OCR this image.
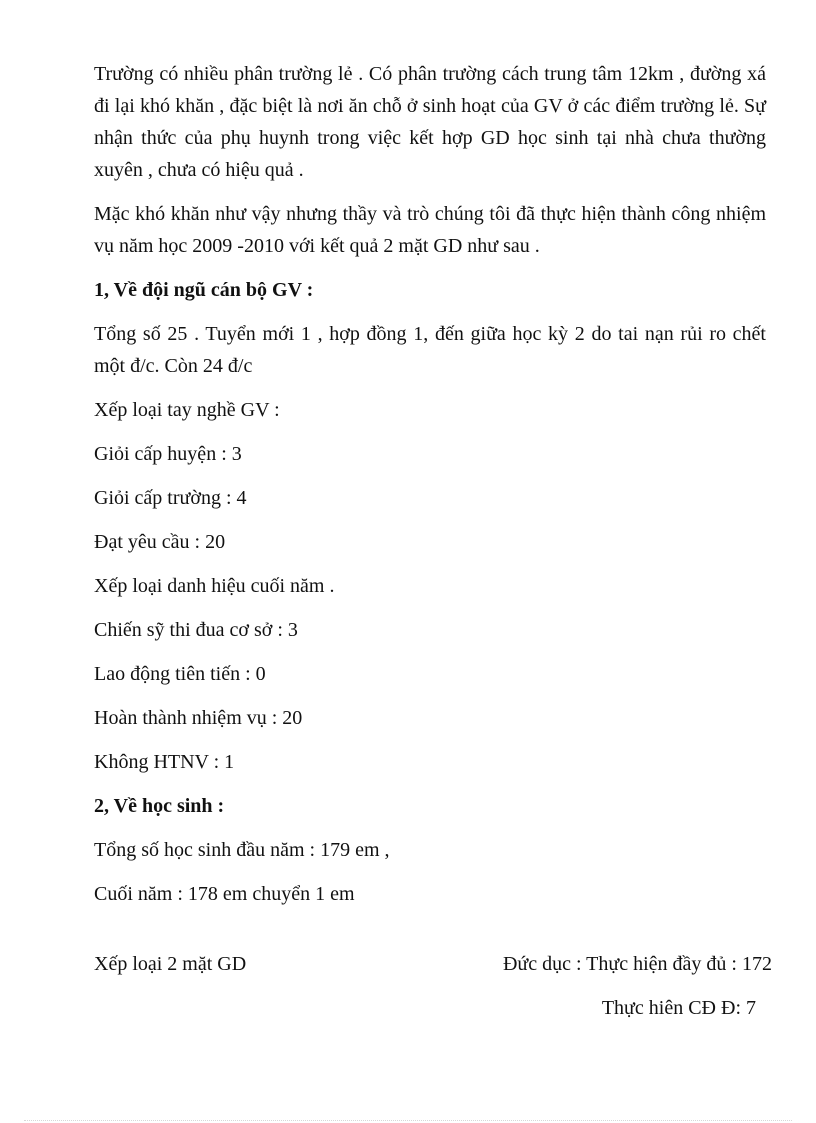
Trường có nhiều phân trường lẻ . Có phân trường cách trung tâm 12km , đường xá đi lại khó khăn , đặc biệt là nơi ăn chỗ ở sinh hoạt của GV ở các điểm trường lẻ. Sự nhận thức của phụ huynh trong việc kết hợp GD học sinh tại nhà chưa thường xuyên , chưa có hiệu quả .

Mặc khó khăn như vậy nhưng thầy và trò chúng tôi đã thực hiện thành công nhiệm vụ năm học 2009 -2010 với kết quả 2 mặt GD như sau .

1, Về đội ngũ cán bộ GV :

Tổng số 25 . Tuyển mới 1 , hợp đồng 1, đến giữa học kỳ 2 do tai nạn rủi ro chết một đ/c. Còn 24 đ/c

Xếp loại tay nghề GV :

Giỏi cấp huyện : 3

Giỏi cấp trường : 4

Đạt yêu cầu : 20

Xếp loại danh hiệu cuối năm .

Chiến sỹ thi đua cơ sở : 3

Lao động tiên tiến : 0

Hoàn thành nhiệm vụ : 20

Không HTNV : 1

2, Về học sinh :

Tổng số học sinh đầu năm : 179 em ,

Cuối năm : 178 em chuyển 1 em

Xếp loại 2 mặt GD	Đức dục : Thực hiện đầy đủ : 172

Thực hiên CĐ Đ: 7
